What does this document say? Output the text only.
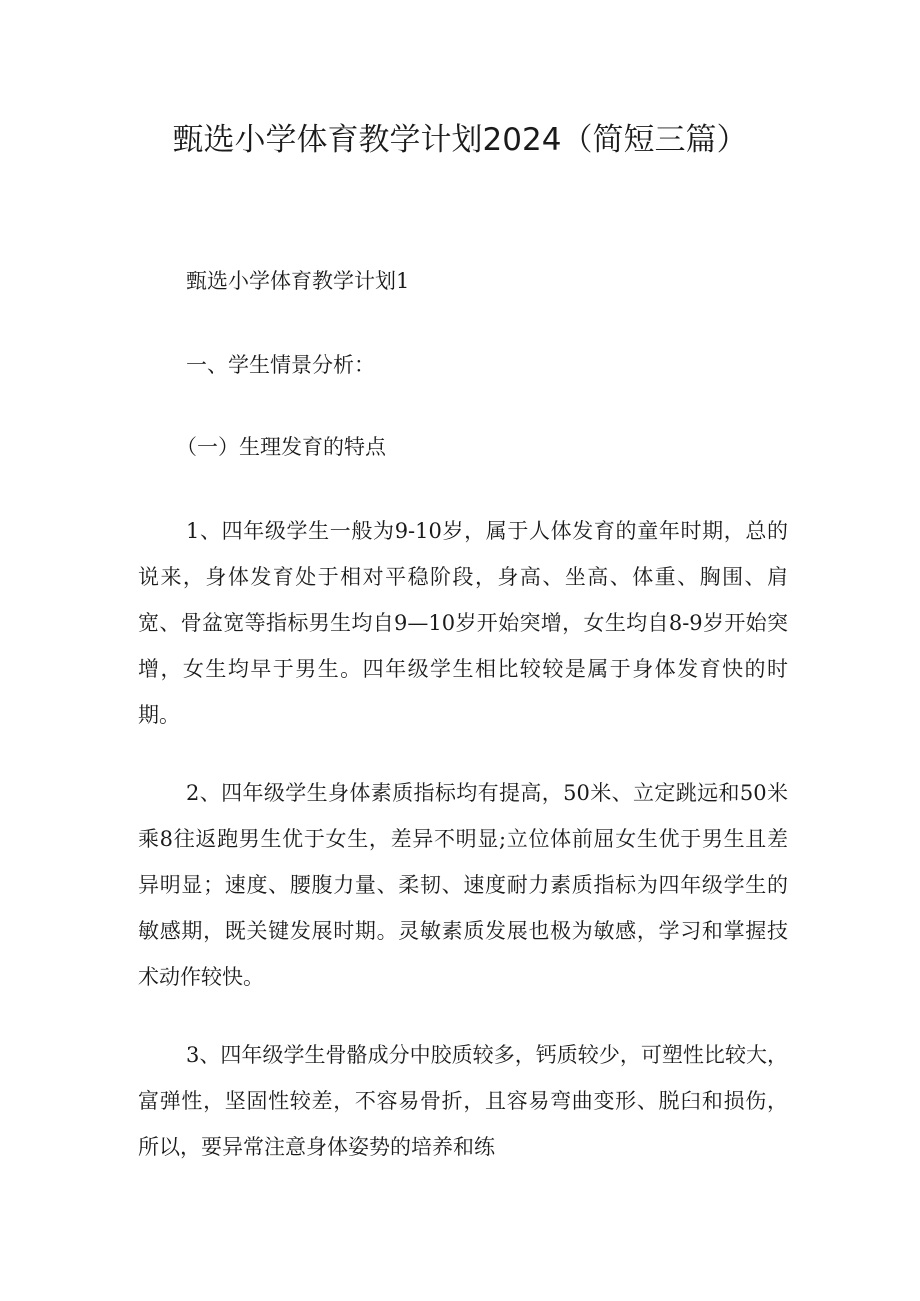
甄选小学体育教学计划2024（简短三篇）

甄选小学体育教学计划1

一、学生情景分析：

（一）生理发育的特点

1、四年级学生一般为9-10岁，属于人体发育的童年时期，总的说来，身体发育处于相对平稳阶段，身高、坐高、体重、胸围、肩宽、骨盆宽等指标男生均自9—10岁开始突增，女生均自8-9岁开始突增，女生均早于男生。四年级学生相比较较是属于身体发育快的时期。

2、四年级学生身体素质指标均有提高，50米、立定跳远和50米乘8往返跑男生优于女生，差异不明显;立位体前屈女生优于男生且差异明显；速度、腰腹力量、柔韧、速度耐力素质指标为四年级学生的敏感期，既关键发展时期。灵敏素质发展也极为敏感，学习和掌握技术动作较快。

3、四年级学生骨骼成分中胶质较多，钙质较少，可塑性比较大，富弹性，坚固性较差，不容易骨折，且容易弯曲变形、脱臼和损伤，所以，要异常注意身体姿势的培养和练
